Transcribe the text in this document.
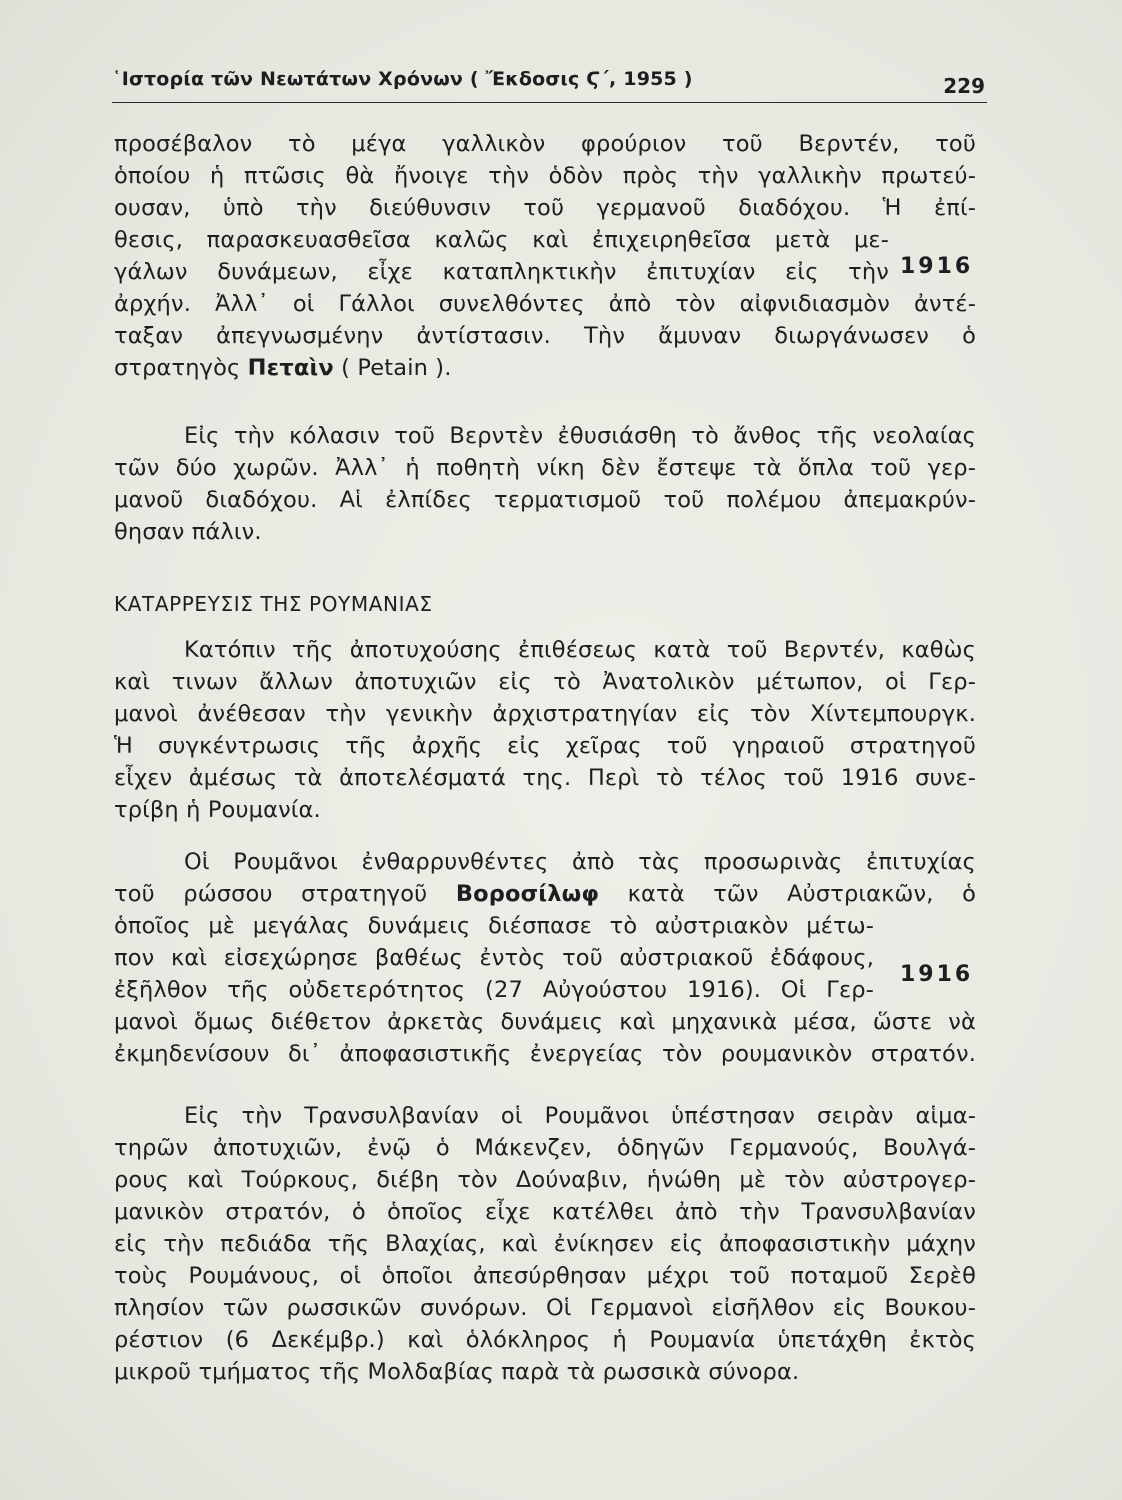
῾Ιστορία τῶν Νεωτάτων Χρόνων ( Ἔκδοσις Ϛ΄, 1955 )	229
προσέβαλον τὸ μέγα γαλλικὸν φρούριον τοῦ Βερντέν, τοῦ
ὁποίου ἡ πτῶσις θὰ ἤνοιγε τὴν ὁδὸν πρὸς τὴν γαλλικὴν πρωτεύ-
ουσαν, ὑπὸ τὴν διεύθυνσιν τοῦ γερμανοῦ διαδόχου. Ἡ ἐπί-
θεσις, παρασκευασθεῖσα καλῶς καὶ ἐπιχειρηθεῖσα μετὰ με-
γάλων δυνάμεων, εἶχε καταπληκτικὴν ἐπιτυχίαν εἰς τὴν
ἀρχήν. Ἀλλ᾽ οἱ Γάλλοι συνελθόντες ἀπὸ τὸν αἰφνιδιασμὸν ἀντέ-
ταξαν ἀπεγνωσμένην ἀντίστασιν. Τὴν ἄμυναν διωργάνωσεν ὁ
στρατηγὸς Πεταὶν ( Petain ).
1916
Εἰς τὴν κόλασιν τοῦ Βερντὲν ἐθυσιάσθη τὸ ἄνθος τῆς νεολαίας
τῶν δύο χωρῶν. Ἀλλ᾽ ἡ ποθητὴ νίκη δὲν ἔστεψε τὰ ὅπλα τοῦ γερ-
μανοῦ διαδόχου. Αἱ ἐλπίδες τερματισμοῦ τοῦ πολέμου ἀπεμακρύν-
θησαν πάλιν.
ΚΑΤΑΡΡΕΥΣΙΣ ΤΗΣ ΡΟΥΜΑΝΙΑΣ
Κατόπιν τῆς ἀποτυχούσης ἐπιθέσεως κατὰ τοῦ Βερντέν, καθὼς
καὶ τινων ἄλλων ἀποτυχιῶν εἰς τὸ Ἀνατολικὸν μέτωπον, οἱ Γερ-
μανοὶ ἀνέθεσαν τὴν γενικὴν ἀρχιστρατηγίαν εἰς τὸν Χίντεμπουργκ.
Ἡ συγκέντρωσις τῆς ἀρχῆς εἰς χεῖρας τοῦ γηραιοῦ στρατηγοῦ
εἶχεν ἀμέσως τὰ ἀποτελέσματά της. Περὶ τὸ τέλος τοῦ 1916 συνε-
τρίβη ἡ Ρουμανία.
Οἱ Ρουμᾶνοι ἐνθαρρυνθέντες ἀπὸ τὰς προσωρινὰς ἐπιτυχίας
τοῦ ρώσσου στρατηγοῦ Βοροσίλωφ κατὰ τῶν Αὐστριακῶν, ὁ
ὁποῖος μὲ μεγάλας δυνάμεις διέσπασε τὸ αὐστριακὸν μέτω-
πον καὶ εἰσεχώρησε βαθέως ἐντὸς τοῦ αὐστριακοῦ ἐδάφους,
ἐξῆλθον τῆς οὐδετερότητος (27 Αὐγούστου 1916). Οἱ Γερ-
μανοὶ ὅμως διέθετον ἀρκετὰς δυνάμεις καὶ μηχανικὰ μέσα, ὥστε νὰ
ἐκμηδενίσουν δι᾽ ἀποφασιστικῆς ἐνεργείας τὸν ρουμανικὸν στρατόν.
1916
Εἰς τὴν Τρανσυλβανίαν οἱ Ρουμᾶνοι ὑπέστησαν σειρὰν αἱμα-
τηρῶν ἀποτυχιῶν, ἐνῷ ὁ Μάκενζεν, ὁδηγῶν Γερμανούς, Βουλγά-
ρους καὶ Τούρκους, διέβη τὸν Δούναβιν, ἡνώθη μὲ τὸν αὐστρογερ-
μανικὸν στρατόν, ὁ ὁποῖος εἶχε κατέλθει ἀπὸ τὴν Τρανσυλβανίαν
εἰς τὴν πεδιάδα τῆς Βλαχίας, καὶ ἐνίκησεν εἰς ἀποφασιστικὴν μάχην
τοὺς Ρουμάνους, οἱ ὁποῖοι ἀπεσύρθησαν μέχρι τοῦ ποταμοῦ Σερὲθ
πλησίον τῶν ρωσσικῶν συνόρων. Οἱ Γερμανοὶ εἰσῆλθον εἰς Βουκου-
ρέστιον (6 Δεκέμβρ.) καὶ ὁλόκληρος ἡ Ρουμανία ὑπετάχθη ἐκτὸς
μικροῦ τμήματος τῆς Μολδαβίας παρὰ τὰ ρωσσικὰ σύνορα.
